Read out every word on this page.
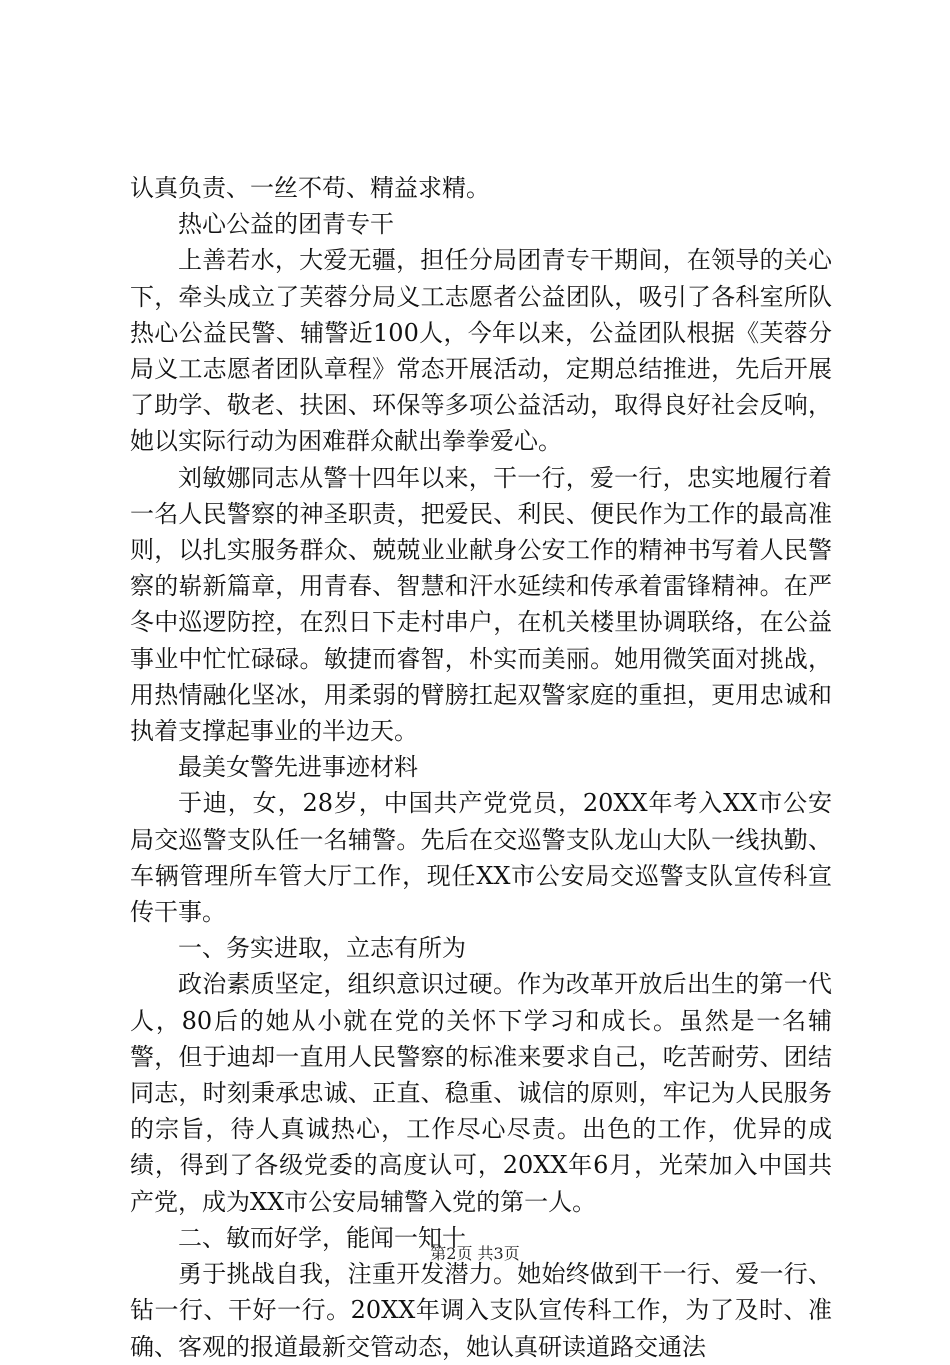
认真负责、一丝不苟、精益求精。

热心公益的团青专干

上善若水，大爱无疆，担任分局团青专干期间，在领导的关心下，牵头成立了芙蓉分局义工志愿者公益团队，吸引了各科室所队热心公益民警、辅警近100人，今年以来，公益团队根据《芙蓉分局义工志愿者团队章程》常态开展活动，定期总结推进，先后开展了助学、敬老、扶困、环保等多项公益活动，取得良好社会反响，她以实际行动为困难群众献出拳拳爱心。

刘敏娜同志从警十四年以来，干一行，爱一行，忠实地履行着一名人民警察的神圣职责，把爱民、利民、便民作为工作的最高准则，以扎实服务群众、兢兢业业献身公安工作的精神书写着人民警察的崭新篇章，用青春、智慧和汗水延续和传承着雷锋精神。在严冬中巡逻防控，在烈日下走村串户，在机关楼里协调联络，在公益事业中忙忙碌碌。敏捷而睿智，朴实而美丽。她用微笑面对挑战，用热情融化坚冰，用柔弱的臂膀扛起双警家庭的重担，更用忠诚和执着支撑起事业的半边天。

最美女警先进事迹材料

于迪，女，28岁，中国共产党党员，20XX年考入XX市公安局交巡警支队任一名辅警。先后在交巡警支队龙山大队一线执勤、车辆管理所车管大厅工作，现任XX市公安局交巡警支队宣传科宣传干事。

一、务实进取，立志有所为

政治素质坚定，组织意识过硬。作为改革开放后出生的第一代人，80后的她从小就在党的关怀下学习和成长。虽然是一名辅警，但于迪却一直用人民警察的标准来要求自己，吃苦耐劳、团结同志，时刻秉承忠诚、正直、稳重、诚信的原则，牢记为人民服务的宗旨，待人真诚热心，工作尽心尽责。出色的工作，优异的成绩，得到了各级党委的高度认可，20XX年6月，光荣加入中国共产党，成为XX市公安局辅警入党的第一人。

二、敏而好学，能闻一知十

勇于挑战自我，注重开发潜力。她始终做到干一行、爱一行、钻一行、干好一行。20XX年调入支队宣传科工作，为了及时、准确、客观的报道最新交管动态，她认真研读道路交通法

第2页 共3页
